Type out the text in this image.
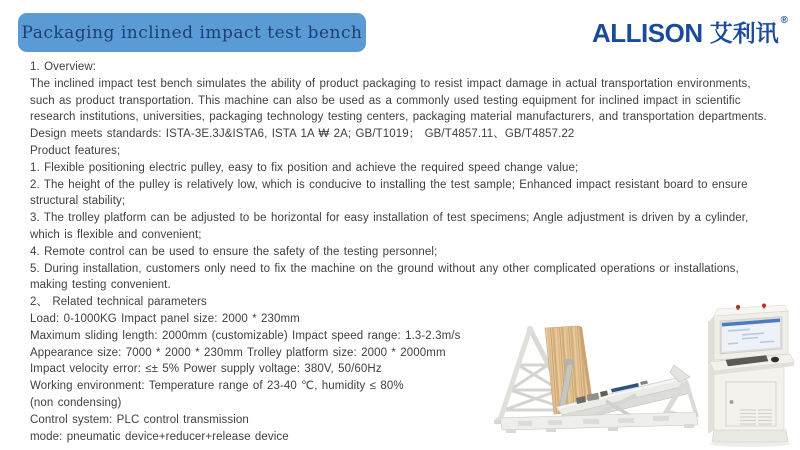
Packaging inclined impact test bench	ALLISON 艾利讯 ®
1. Overview:
The inclined impact test bench simulates the ability of product packaging to resist impact damage in actual transportation environments,
such as product transportation. This machine can also be used as a commonly used testing equipment for inclined impact in scientific
research institutions, universities, packaging technology testing centers, packaging material manufacturers, and transportation departments.
Design meets standards: ISTA-3E.3J&ISTA6, ISTA 1A ₩ 2A; GB/T1019； GB/T4857.11、GB/T4857.22
Product features;
1. Flexible positioning electric pulley, easy to fix position and achieve the required speed change value;
2. The height of the pulley is relatively low, which is conducive to installing the test sample; Enhanced impact resistant board to ensure
structural stability;
3. The trolley platform can be adjusted to be horizontal for easy installation of test specimens; Angle adjustment is driven by a cylinder,
which is flexible and convenient;
4. Remote control can be used to ensure the safety of the testing personnel;
5. During installation, customers only need to fix the machine on the ground without any other complicated operations or installations,
making testing convenient.
2、 Related technical parameters
Load: 0-1000KG Impact panel size: 2000 * 230mm
Maximum sliding length: 2000mm (customizable) Impact speed range: 1.3-2.3m/s
Appearance size: 7000 * 2000 * 230mm Trolley platform size: 2000 * 2000mm
Impact velocity error: ≤± 5% Power supply voltage: 380V, 50/60Hz
Working environment: Temperature range of 23-40 ℃, humidity ≤ 80%
(non condensing)
Control system: PLC control transmission
mode: pneumatic device+reducer+release device
